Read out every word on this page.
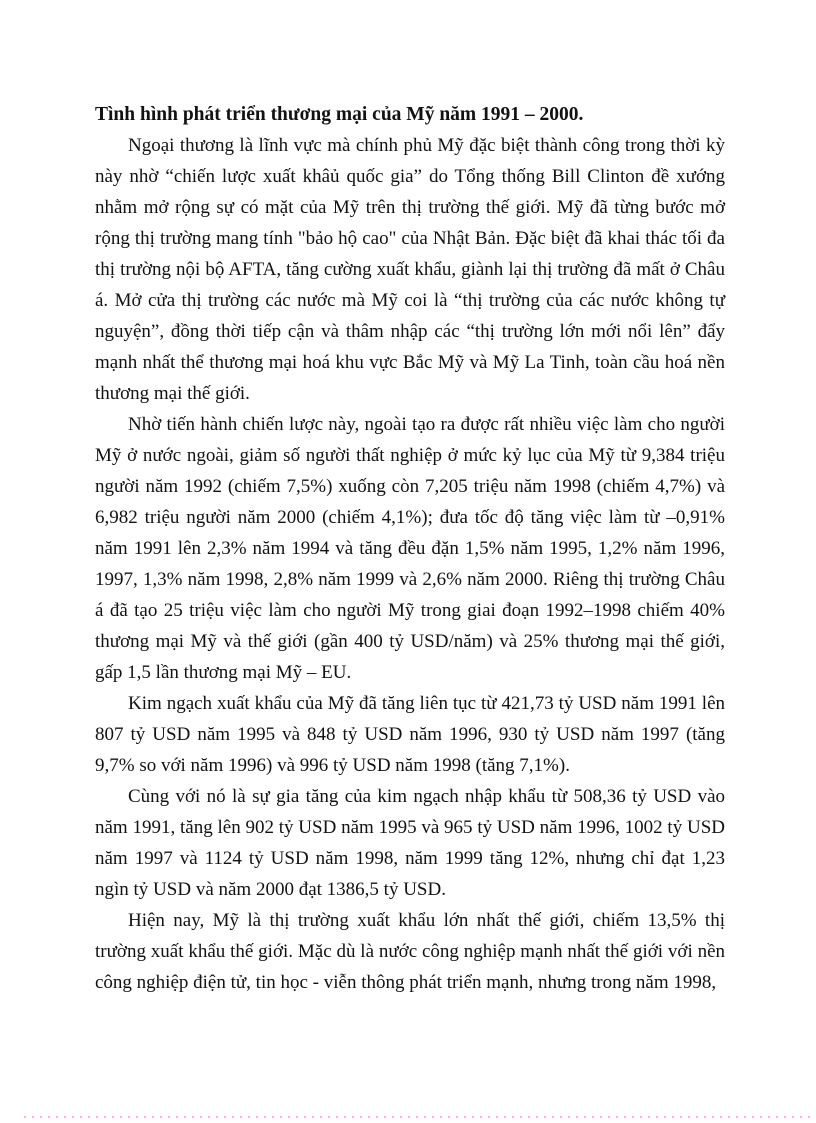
Tình hình phát triển thương mại của Mỹ năm 1991 – 2000.

Ngoại thương là lĩnh vực mà chính phủ Mỹ đặc biệt thành công trong thời kỳ này nhờ “chiến lược xuất khâủ quốc gia” do Tổng thống Bill Clinton đề xướng nhằm mở rộng sự có mặt của Mỹ trên thị trường thế giới. Mỹ đã từng bước mở rộng thị trường mang tính "bảo hộ cao" của Nhật Bản. Đặc biệt đã khai thác tối đa thị trường nội bộ AFTA, tăng cường xuất khẩu, giành lại thị trường đã mất ở Châu á. Mở cửa thị trường các nước mà Mỹ coi là “thị trường của các nước không tự nguyện”, đồng thời tiếp cận và thâm nhập các “thị trường lớn mới nổi lên” đẩy mạnh nhất thể thương mại hoá khu vực Bắc Mỹ và Mỹ La Tinh, toàn cầu hoá nền thương mại thế giới.

Nhờ tiến hành chiến lược này, ngoài tạo ra được rất nhiều việc làm cho người Mỹ ở nước ngoài, giảm số người thất nghiệp ở mức kỷ lục của Mỹ từ 9,384 triệu người năm 1992 (chiếm 7,5%) xuống còn 7,205 triệu năm 1998 (chiếm 4,7%) và 6,982 triệu người năm 2000 (chiếm 4,1%); đưa tốc độ tăng việc làm từ –0,91% năm 1991 lên 2,3% năm 1994 và tăng đều đặn 1,5% năm 1995, 1,2% năm 1996, 1997, 1,3% năm 1998, 2,8% năm 1999 và 2,6% năm 2000. Riêng thị trường Châu á đã tạo 25 triệu việc làm cho người Mỹ trong giai đoạn 1992–1998 chiếm 40% thương mại Mỹ và thế giới (gần 400 tỷ USD/năm) và 25% thương mại thế giới, gấp 1,5 lần thương mại Mỹ – EU.

Kim ngạch xuất khẩu của Mỹ đã tăng liên tục từ 421,73 tỷ USD năm 1991 lên 807 tỷ USD năm 1995 và 848 tỷ USD năm 1996, 930 tỷ USD năm 1997 (tăng 9,7% so với năm 1996) và 996 tỷ USD năm 1998 (tăng 7,1%).

Cùng với nó là sự gia tăng của kim ngạch nhập khẩu từ 508,36 tỷ USD vào năm 1991, tăng lên 902 tỷ USD năm 1995 và 965 tỷ USD năm 1996, 1002 tỷ USD năm 1997 và 1124 tỷ USD năm 1998, năm 1999 tăng 12%, nhưng chỉ đạt 1,23 ngìn tỷ USD và năm 2000 đạt 1386,5 tỷ USD.

Hiện nay, Mỹ là thị trường xuất khẩu lớn nhất thế giới, chiếm 13,5% thị trường xuất khẩu thế giới. Mặc dù là nước công nghiệp mạnh nhất thế giới với nền công nghiệp điện tử, tin học - viễn thông phát triển mạnh, nhưng trong năm 1998,
